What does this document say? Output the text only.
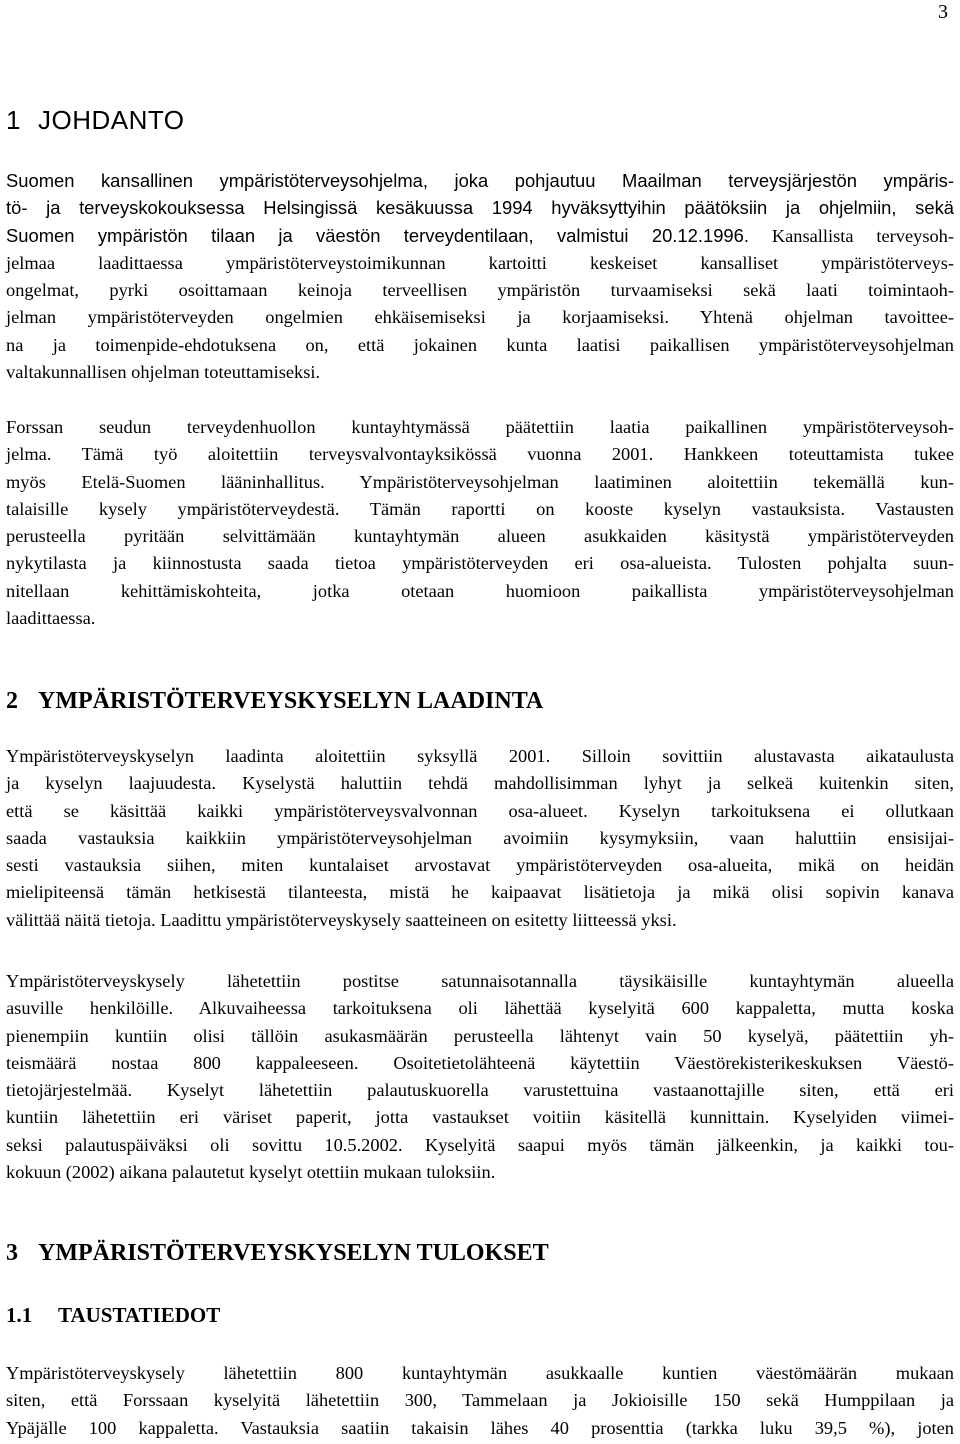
3
1 JOHDANTO

Suomen kansallinen ympäristöterveysohjelma, joka pohjautuu Maailman terveysjärjestön ympäris-
tö- ja terveyskokouksessa Helsingissä kesäkuussa 1994 hyväksyttyihin päätöksiin ja ohjelmiin, sekä
Suomen ympäristön tilaan ja väestön terveydentilaan, valmistui 20.12.1996. Kansallista terveysoh-
jelmaa laadittaessa ympäristöterveystoimikunnan kartoitti keskeiset kansalliset ympäristöterveys-
ongelmat, pyrki osoittamaan keinoja terveellisen ympäristön turvaamiseksi sekä laati toimintaoh-
jelman ympäristöterveyden ongelmien ehkäisemiseksi ja korjaamiseksi. Yhtenä ohjelman tavoittee-
na ja toimenpide-ehdotuksena on, että jokainen kunta laatisi paikallisen ympäristöterveysohjelman
valtakunnallisen ohjelman toteuttamiseksi.

Forssan seudun terveydenhuollon kuntayhtymässä päätettiin laatia paikallinen ympäristöterveysoh-
jelma. Tämä työ aloitettiin terveysvalvontayksikössä vuonna 2001. Hankkeen toteuttamista tukee
myös Etelä-Suomen lääninhallitus. Ympäristöterveysohjelman laatiminen aloitettiin tekemällä kun-
talaisille kysely ympäristöterveydestä. Tämän raportti on kooste kyselyn vastauksista. Vastausten
perusteella pyritään selvittämään kuntayhtymän alueen asukkaiden käsitystä ympäristöterveyden
nykytilasta ja kiinnostusta saada tietoa ympäristöterveyden eri osa-alueista. Tulosten pohjalta suun-
nitellaan kehittämiskohteita, jotka otetaan huomioon paikallista ympäristöterveysohjelman
laadittaessa.

2 YMPÄRISTÖTERVEYSKYSELYN LAADINTA

Ympäristöterveyskyselyn laadinta aloitettiin syksyllä 2001. Silloin sovittiin alustavasta aikataulusta
ja kyselyn laajuudesta. Kyselystä haluttiin tehdä mahdollisimman lyhyt ja selkeä kuitenkin siten,
että se käsittää kaikki ympäristöterveysvalvonnan osa-alueet. Kyselyn tarkoituksena ei ollutkaan
saada vastauksia kaikkiin ympäristöterveysohjelman avoimiin kysymyksiin, vaan haluttiin ensisijai-
sesti vastauksia siihen, miten kuntalaiset arvostavat ympäristöterveyden osa-alueita, mikä on heidän
mielipiteensä tämän hetkisestä tilanteesta, mistä he kaipaavat lisätietoja ja mikä olisi sopivin kanava
välittää näitä tietoja. Laadittu ympäristöterveyskysely saatteineen on esitetty liitteessä yksi.

Ympäristöterveyskysely lähetettiin postitse satunnaisotannalla täysikäisille kuntayhtymän alueella
asuville henkilöille. Alkuvaiheessa tarkoituksena oli lähettää kyselyitä 600 kappaletta, mutta koska
pienempiin kuntiin olisi tällöin asukasmäärän perusteella lähtenyt vain 50 kyselyä, päätettiin yh-
teismäärä nostaa 800 kappaleeseen. Osoitetietolähteenä käytettiin Väestörekisterikeskuksen Väestö-
tietojärjestelmää. Kyselyt lähetettiin palautuskuorella varustettuina vastaanottajille siten, että eri
kuntiin lähetettiin eri väriset paperit, jotta vastaukset voitiin käsitellä kunnittain. Kyselyiden viimei-
seksi palautuspäiväksi oli sovittu 10.5.2002. Kyselyitä saapui myös tämän jälkeenkin, ja kaikki tou-
kokuun (2002) aikana palautetut kyselyt otettiin mukaan tuloksiin.

3 YMPÄRISTÖTERVEYSKYSELYN TULOKSET
1.1 TAUSTATIEDOT

Ympäristöterveyskysely lähetettiin 800 kuntayhtymän asukkaalle kuntien väestömäärän mukaan
siten, että Forssaan kyselyitä lähetettiin 300, Tammelaan ja Jokioisille 150 sekä Humppilaan ja
Ypäjälle 100 kappaletta. Vastauksia saatiin takaisin lähes 40 prosenttia (tarkka luku 39,5 %), joten
